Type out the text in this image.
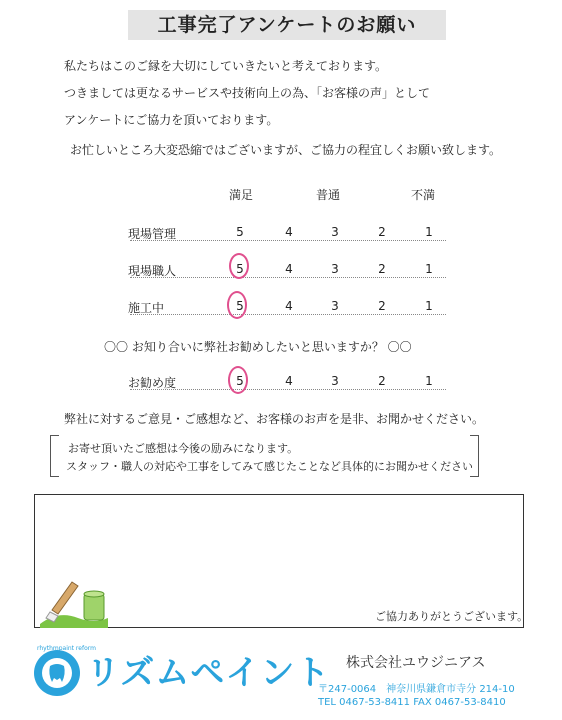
工事完了アンケートのお願い
私たちはこのご縁を大切にしていきたいと考えております。
つきましては更なるサービスや技術向上の為、「お客様の声」として
アンケートにご協力を頂いております。
お忙しいところ大変恐縮ではございますが、ご協力の程宜しくお願い致します。
満足	普通	不満
現場管理	5	4	3	2	1
現場職人	5	4	3	2	1
施工中	5	4	3	2	1
〇〇 お知り合いに弊社お勧めしたいと思いますか？ 〇〇
お勧め度	5	4	3	2	1
弊社に対するご意見・ご感想など、お客様のお声を是非、お聞かせください。
お寄せ頂いたご感想は今後の励みになります。
スタッフ・職人の対応や工事をしてみて感じたことなど具体的にお聞かせください
ご協力ありがとうございます。
rhythmpaint reform
リズムペイント 株式会社ユウジニアス
〒247-0064　神奈川県鎌倉市寺分 214-10
TEL 0467-53-8411 FAX 0467-53-8410
